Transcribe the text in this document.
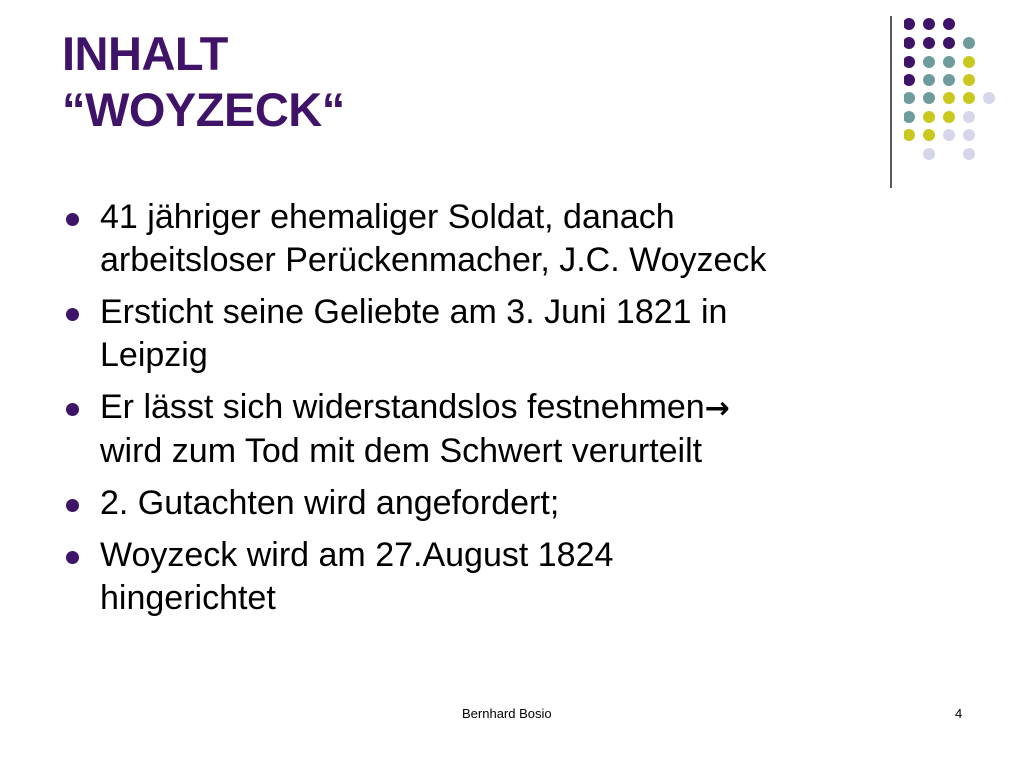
INHALT
“WOYZECK“
41 jähriger ehemaliger Soldat, danach
arbeitsloser Perückenmacher, J.C. Woyzeck
Ersticht seine Geliebte am 3. Juni 1821 in
Leipzig
Er lässt sich widerstandslos festnehmen→
wird zum Tod mit dem Schwert verurteilt
2. Gutachten wird angefordert;
Woyzeck wird am 27.August 1824
hingerichtet
Bernhard Bosio	4
